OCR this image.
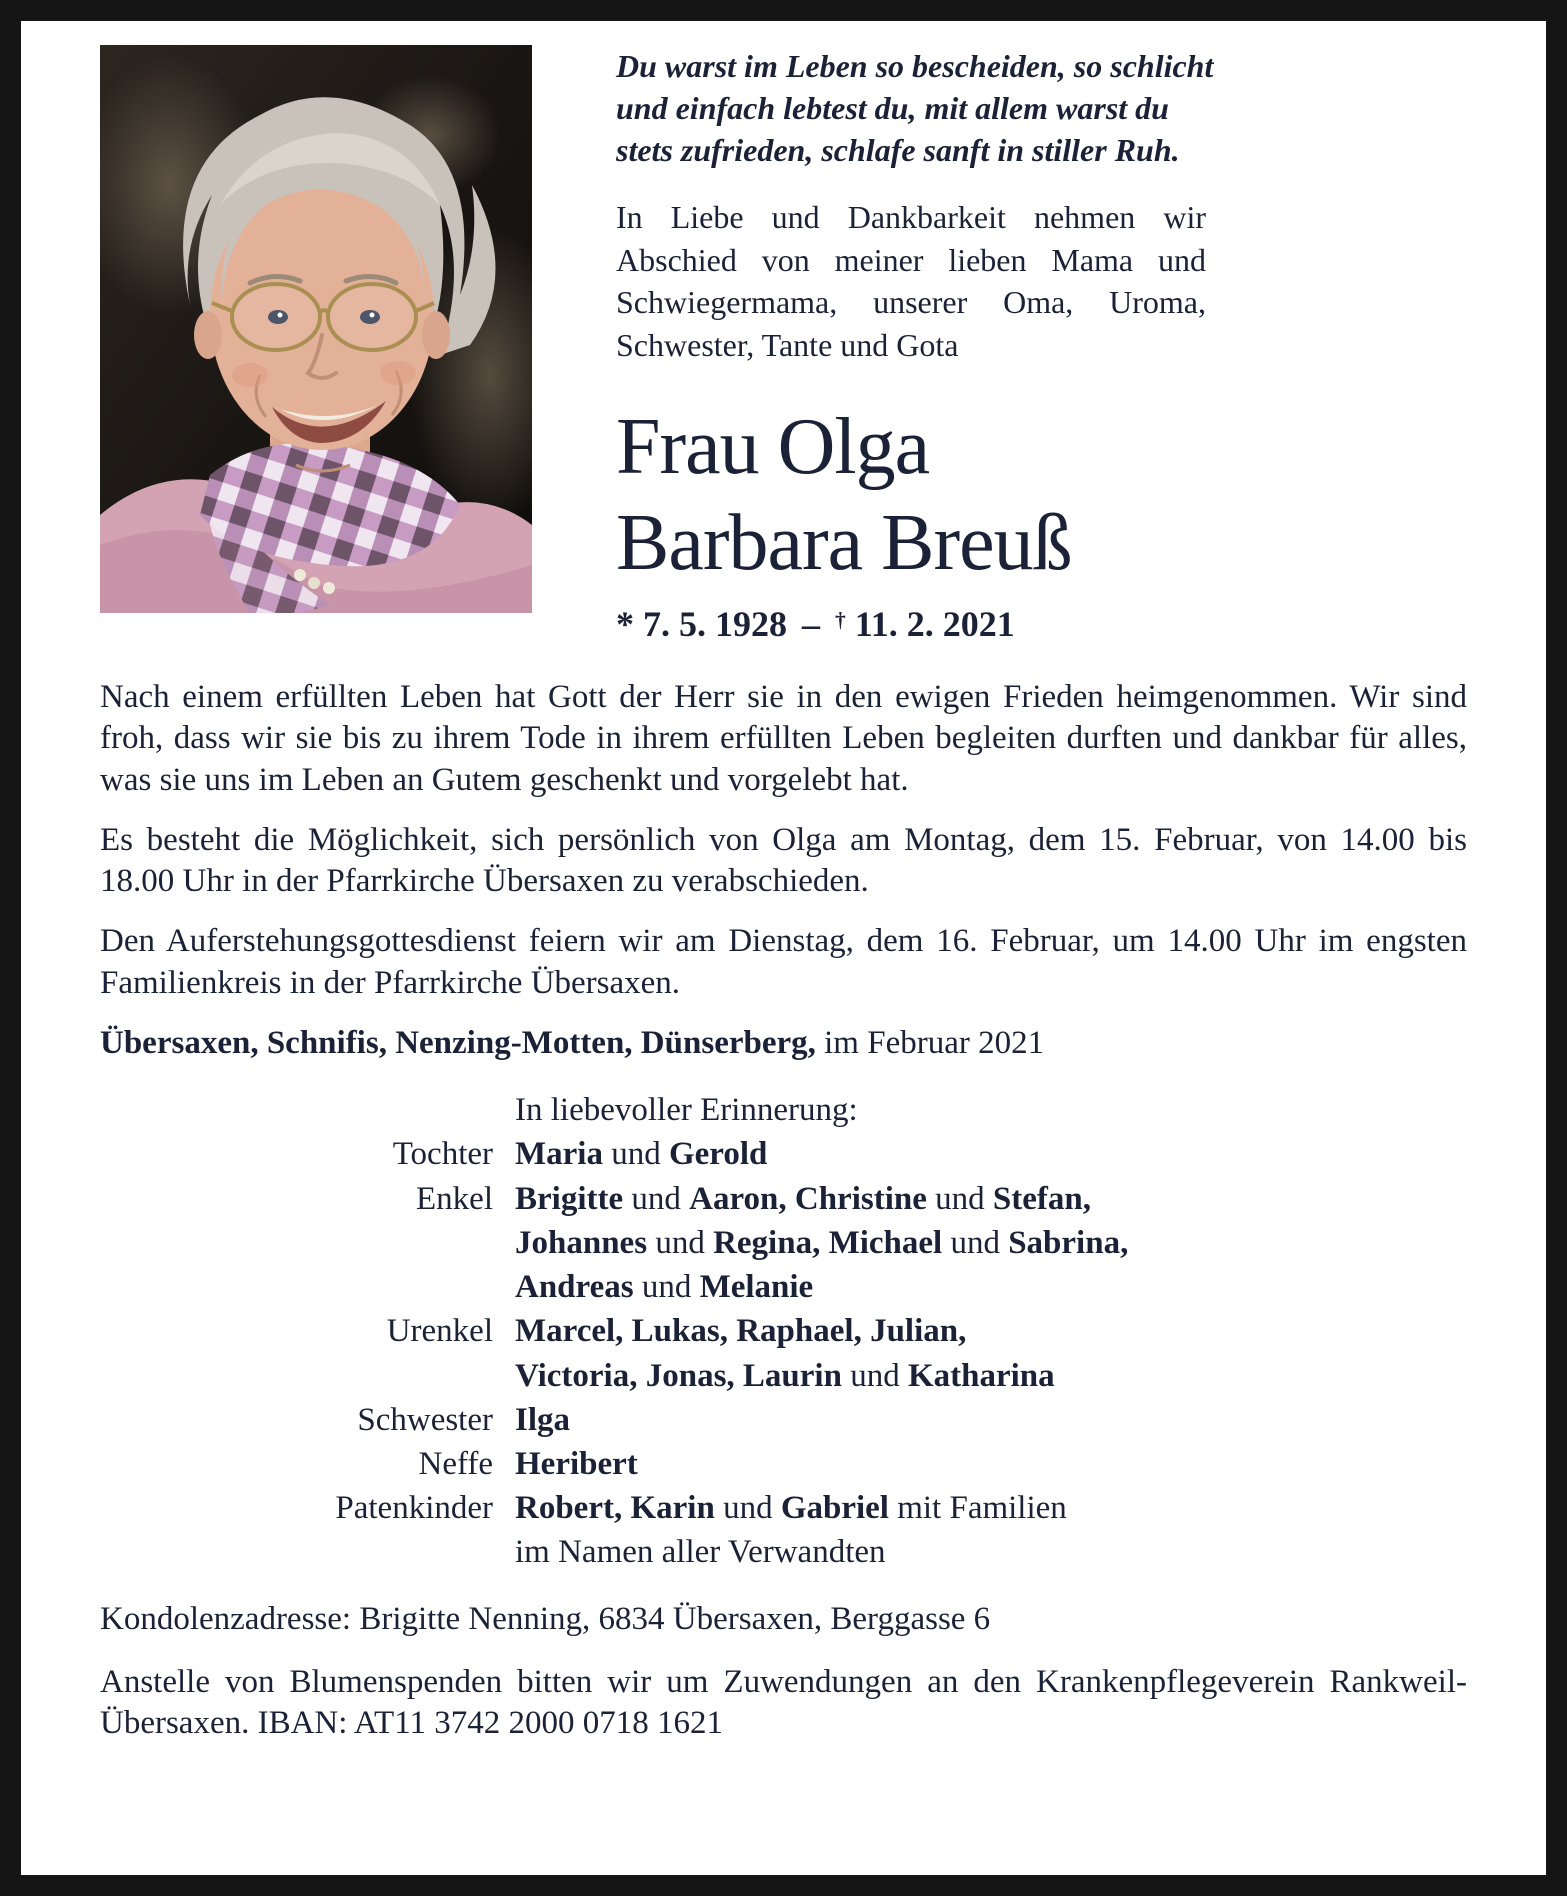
Du warst im Leben so bescheiden, so schlicht
und einfach lebtest du, mit allem warst du
stets zufrieden, schlafe sanft in stiller Ruh.

In Liebe und Dankbarkeit nehmen wir Abschied von meiner lieben Mama und Schwiegermama, unserer Oma, Uroma, Schwester, Tante und Gota

Frau Olga
Barbara Breuß
* 7. 5. 1928 – † 11. 2. 2021

Nach einem erfüllten Leben hat Gott der Herr sie in den ewigen Frieden heimgenommen. Wir sind froh, dass wir sie bis zu ihrem Tode in ihrem erfüllten Leben begleiten durften und dankbar für alles, was sie uns im Leben an Gutem geschenkt und vorgelebt hat.

Es besteht die Möglichkeit, sich persönlich von Olga am Montag, dem 15. Februar, von 14.00 bis 18.00 Uhr in der Pfarrkirche Übersaxen zu verabschieden.

Den Auferstehungsgottesdienst feiern wir am Dienstag, dem 16. Februar, um 14.00 Uhr im engsten Familienkreis in der Pfarrkirche Übersaxen.

Übersaxen, Schnifis, Nenzing-Motten, Dünserberg, im Februar 2021

In liebevoller Erinnerung:
Tochter Maria und Gerold
Enkel Brigitte und Aaron, Christine und Stefan,
Johannes und Regina, Michael und Sabrina,
Andreas und Melanie
Urenkel Marcel, Lukas, Raphael, Julian,
Victoria, Jonas, Laurin und Katharina
Schwester Ilga
Neffe Heribert
Patenkinder Robert, Karin und Gabriel mit Familien
im Namen aller Verwandten

Kondolenzadresse: Brigitte Nenning, 6834 Übersaxen, Berggasse 6

Anstelle von Blumenspenden bitten wir um Zuwendungen an den Krankenpflegeverein Rankweil-Übersaxen. IBAN: AT11 3742 2000 0718 1621
